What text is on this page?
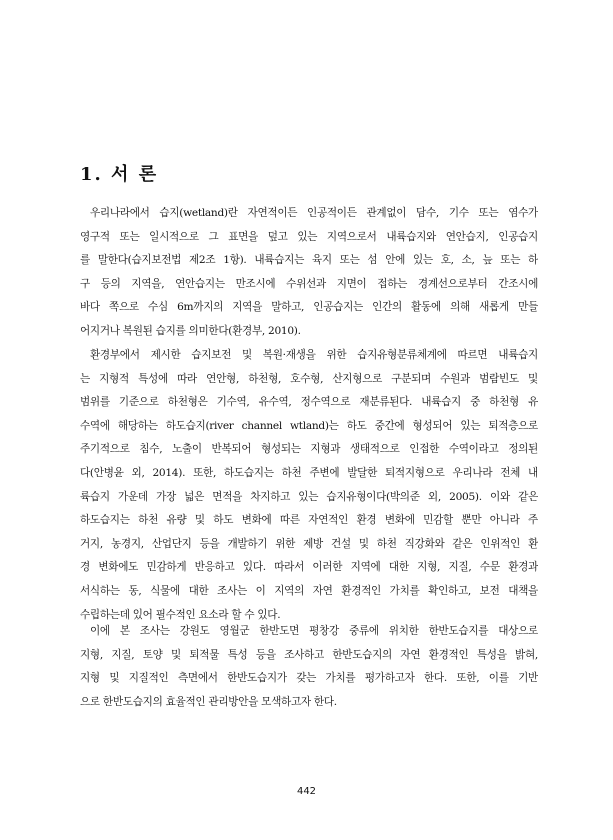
1. 서 론
우리나라에서 습지(wetland)란 자연적이든 인공적이든 관계없이 담수, 기수 또는 염수가
영구적 또는 일시적으로 그 표면을 덮고 있는 지역으로서 내륙습지와 연안습지, 인공습지
를 말한다(습지보전법 제2조 1항). 내륙습지는 육지 또는 섬 안에 있는 호, 소, 늪 또는 하
구 등의 지역을, 연안습지는 만조시에 수위선과 지면이 접하는 경계선으로부터 간조시에
바다 쪽으로 수심 6m까지의 지역을 말하고, 인공습지는 인간의 활동에 의해 새롭게 만들
어지거나 복원된 습지를 의미한다(환경부, 2010).
환경부에서 제시한 습지보전 및 복원·재생을 위한 습지유형분류체계에 따르면 내륙습지
는 지형적 특성에 따라 연안형, 하천형, 호수형, 산지형으로 구분되며 수원과 범람빈도 및
범위를 기준으로 하천형은 기수역, 유수역, 정수역으로 재분류된다. 내륙습지 중 하천형 유
수역에 해당하는 하도습지(river channel wtland)는 하도 중간에 형성되어 있는 퇴적층으로
주기적으로 침수, 노출이 반복되어 형성되는 지형과 생태적으로 인접한 수역이라고 정의된
다(안병윤 외, 2014). 또한, 하도습지는 하천 주변에 발달한 퇴적지형으로 우리나라 전체 내
륙습지 가운데 가장 넓은 면적을 차지하고 있는 습지유형이다(박의준 외, 2005). 이와 같은
하도습지는 하천 유량 및 하도 변화에 따른 자연적인 환경 변화에 민감할 뿐만 아니라 주
거지, 농경지, 산업단지 등을 개발하기 위한 제방 건설 및 하천 직강화와 같은 인위적인 환
경 변화에도 민감하게 반응하고 있다. 따라서 이러한 지역에 대한 지형, 지질, 수문 환경과
서식하는 동, 식물에 대한 조사는 이 지역의 자연 환경적인 가치를 확인하고, 보전 대책을
수립하는데 있어 필수적인 요소라 할 수 있다.
이에 본 조사는 강원도 영월군 한반도면 평창강 중류에 위치한 한반도습지를 대상으로
지형, 지질, 토양 및 퇴적물 특성 등을 조사하고 한반도습지의 자연 환경적인 특성을 밝혀,
지형 및 지질적인 측면에서 한반도습지가 갖는 가치를 평가하고자 한다. 또한, 이를 기반
으로 한반도습지의 효율적인 관리방안을 모색하고자 한다.
442
